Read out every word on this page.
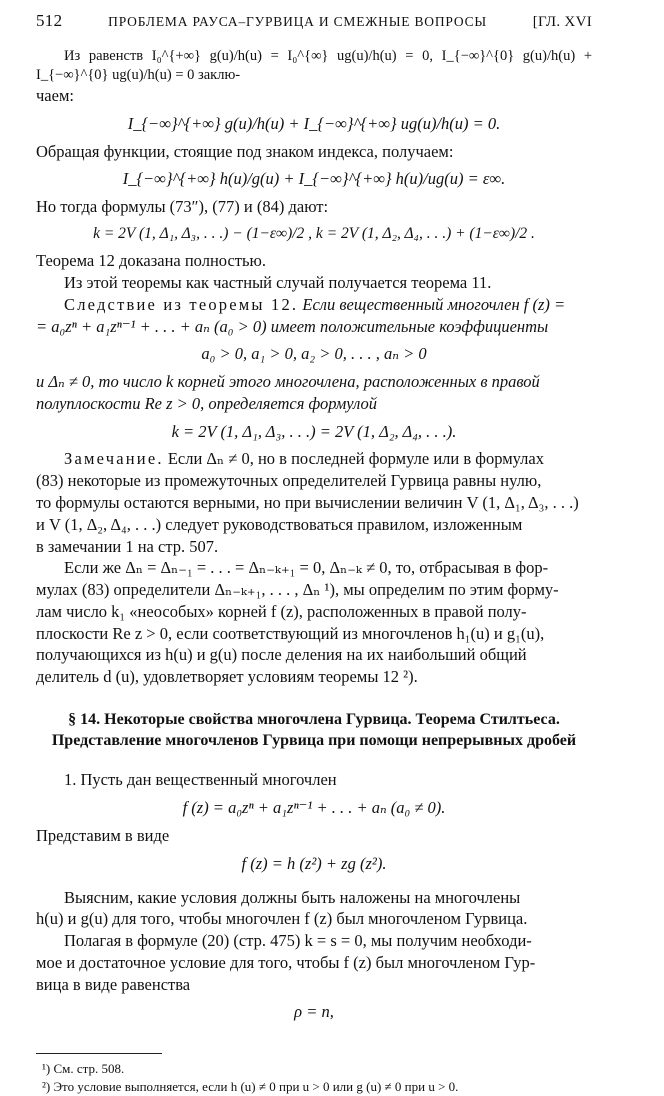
512	ПРОБЛЕМА РАУСА–ГУРВИЦА И СМЕЖНЫЕ ВОПРОСЫ	[ГЛ. XVI

Из равенств I₀^{+∞} g(u)/h(u) = I₀^{∞} ug(u)/h(u) = 0, I_{−∞}^{0} g(u)/h(u) + I_{−∞}^{0} ug(u)/h(u) = 0 заклю-

чаем:

I_{−∞}^{+∞} g(u)/h(u) + I_{−∞}^{+∞} ug(u)/h(u) = 0.

Обращая функции, стоящие под знаком индекса, получаем:

I_{−∞}^{+∞} h(u)/g(u) + I_{−∞}^{+∞} h(u)/ug(u) = ε∞.

Но тогда формулы (73″), (77) и (84) дают:

k = 2V (1, Δ₁, Δ₃, . . .) − (1−ε∞)/2 , k = 2V (1, Δ₂, Δ₄, . . .) + (1−ε∞)/2 .

Теорема 12 доказана полностью.

Из этой теоремы как частный случай получается теорема 11.

Следствие из теоремы 12. Если вещественный многочлен f (z) =

= a₀zⁿ + a₁zⁿ⁻¹ + . . . + aₙ (a₀ > 0) имеет положительные коэффициенты

a₀ > 0, a₁ > 0, a₂ > 0, . . . , aₙ > 0

и Δₙ ≠ 0, то число k корней этого многочлена, расположенных в правой

полуплоскости Re z > 0, определяется формулой

k = 2V (1, Δ₁, Δ₃, . . .) = 2V (1, Δ₂, Δ₄, . . .).

Замечание. Если Δₙ ≠ 0, но в последней формуле или в формулах

(83) некоторые из промежуточных определителей Гурвица равны нулю,

то формулы остаются верными, но при вычислении величин V (1, Δ₁, Δ₃, . . .)

и V (1, Δ₂, Δ₄, . . .) следует руководствоваться правилом, изложенным

в замечании 1 на стр. 507.

Если же Δₙ = Δₙ₋₁ = . . . = Δₙ₋ₖ₊₁ = 0, Δₙ₋ₖ ≠ 0, то, отбрасывая в фор-

мулах (83) определители Δₙ₋ₖ₊₁, . . . , Δₙ ¹), мы определим по этим форму-

лам число k₁ «неособых» корней f (z), расположенных в правой полу-

плоскости Re z > 0, если соответствующий из многочленов h₁(u) и g₁(u),

получающихся из h(u) и g(u) после деления на их наибольший общий

делитель d (u), удовлетворяет условиям теоремы 12 ²).

§ 14. Некоторые свойства многочлена Гурвица. Теорема Стилтьеса.
Представление многочленов Гурвица при помощи непрерывных дробей

1. Пусть дан вещественный многочлен

f (z) = a₀zⁿ + a₁zⁿ⁻¹ + . . . + aₙ (a₀ ≠ 0).

Представим в виде

f (z) = h (z²) + zg (z²).

Выясним, какие условия должны быть наложены на многочлены

h(u) и g(u) для того, чтобы многочлен f (z) был многочленом Гурвица.

Полагая в формуле (20) (стр. 475) k = s = 0, мы получим необходи-

мое и достаточное условие для того, чтобы f (z) был многочленом Гур-

вица в виде равенства

ρ = n,

¹) См. стр. 508.

²) Это условие выполняется, если h (u) ≠ 0 при u > 0 или g (u) ≠ 0 при u > 0.
